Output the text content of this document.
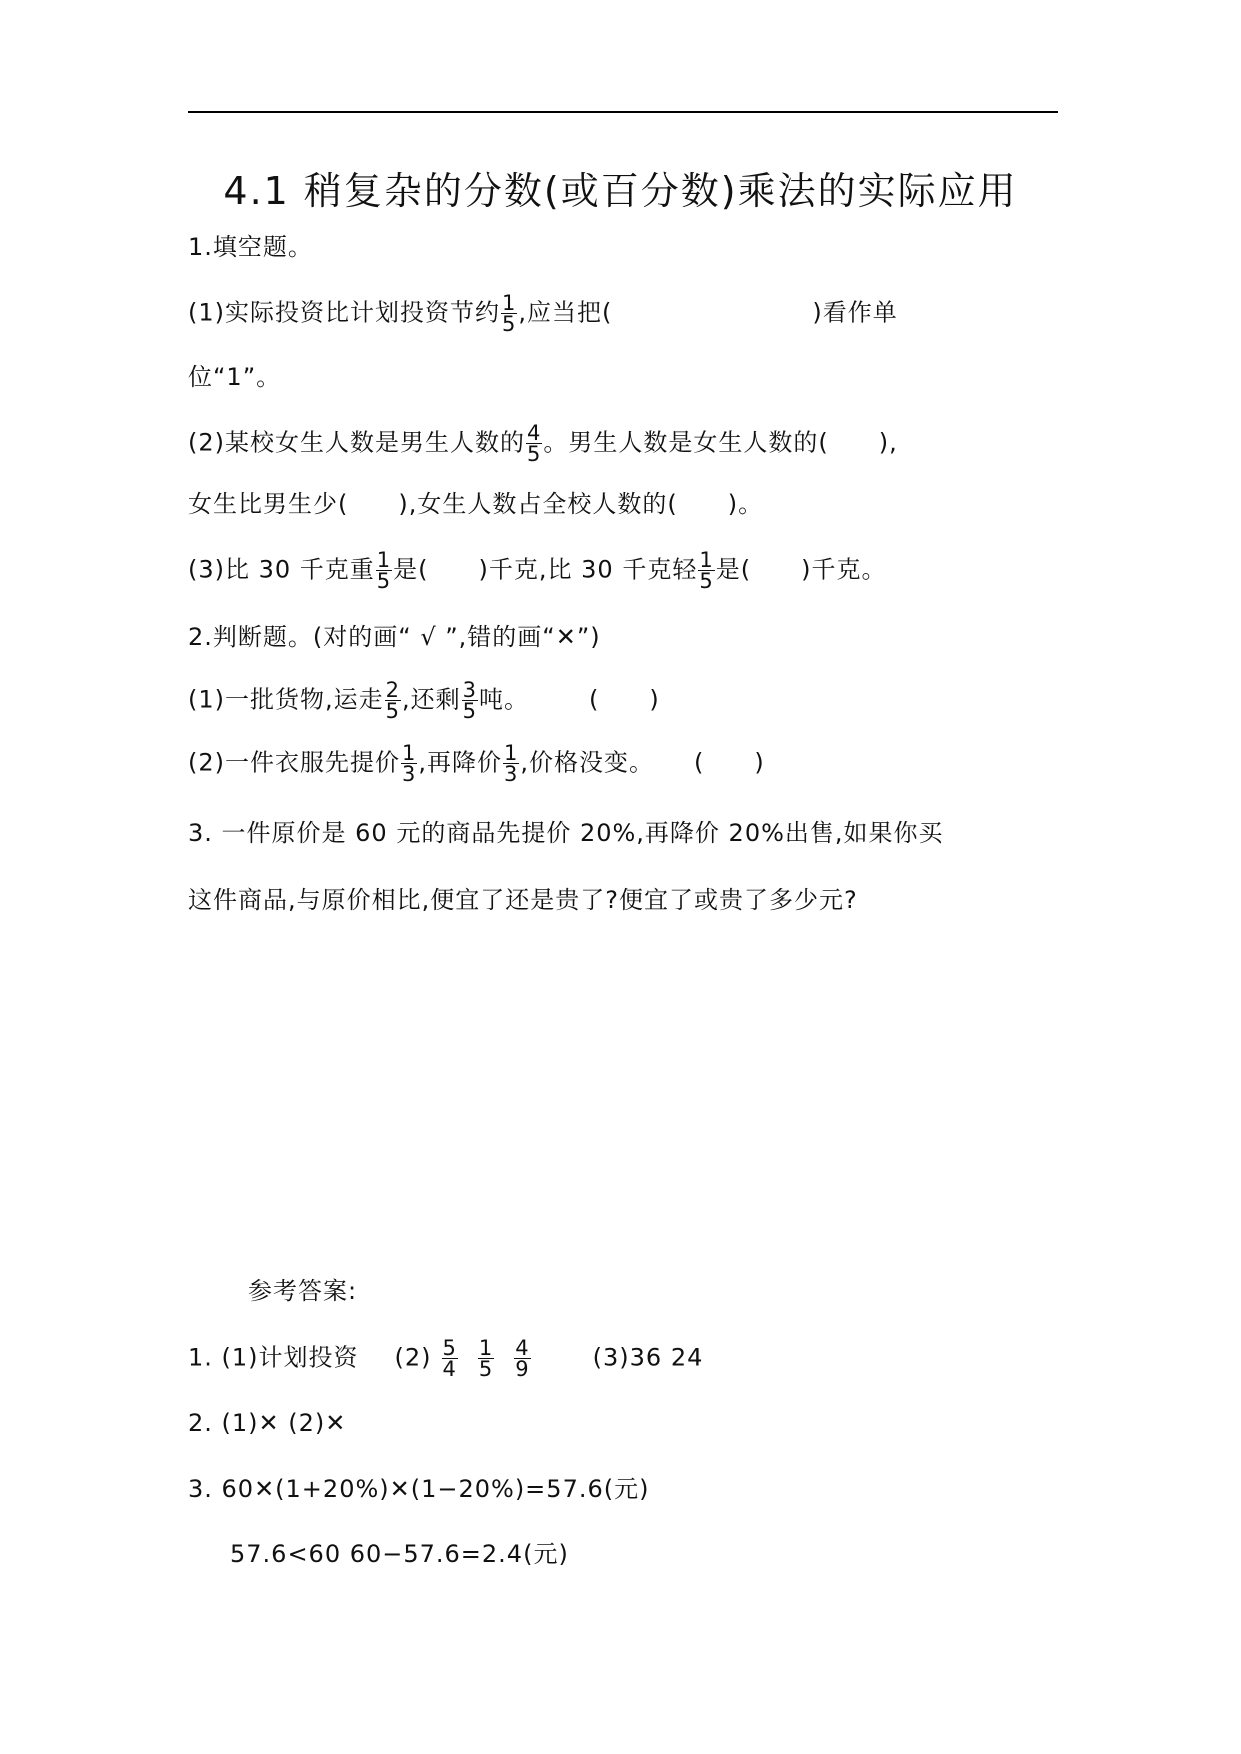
4.1 稍复杂的分数(或百分数)乘法的实际应用
1.填空题。
(1)实际投资比计划投资节约 $\frac{1}{5}$ ,应当把(	)看作单
位“1”。
(2)某校女生人数是男生人数的 $\frac{4}{5}$ 。男生人数是女生人数的( ),
女生比男生少( ),女生人数占全校人数的( )。
(3)比 30 千克重 $\frac{1}{5}$ 是( )千克,比 30 千克轻 $\frac{1}{5}$ 是( )千克。
2.判断题。(对的画“ √ ”,错的画“✕”)
(1)一批货物,运走 $\frac{2}{5}$ ,还剩 $\frac{3}{5}$ 吨。	( )
(2)一件衣服先提价 $\frac{1}{3}$ ,再降价 $\frac{1}{3}$ ,价格没变。 ( )
3. 一件原价是 60 元的商品先提价 20%,再降价 20%出售,如果你买
这件商品,与原价相比,便宜了还是贵了?便宜了或贵了多少元?
参考答案:
1. (1)计划投资 $(2) \frac{5}{4} \frac{1}{5} \frac{4}{9}$	(3)36 24
2. (1)✕ (2)✕
3. 60✕(1+20%)✕(1−20%)=57.6(元)
57.6<60 60−57.6=2.4(元)
